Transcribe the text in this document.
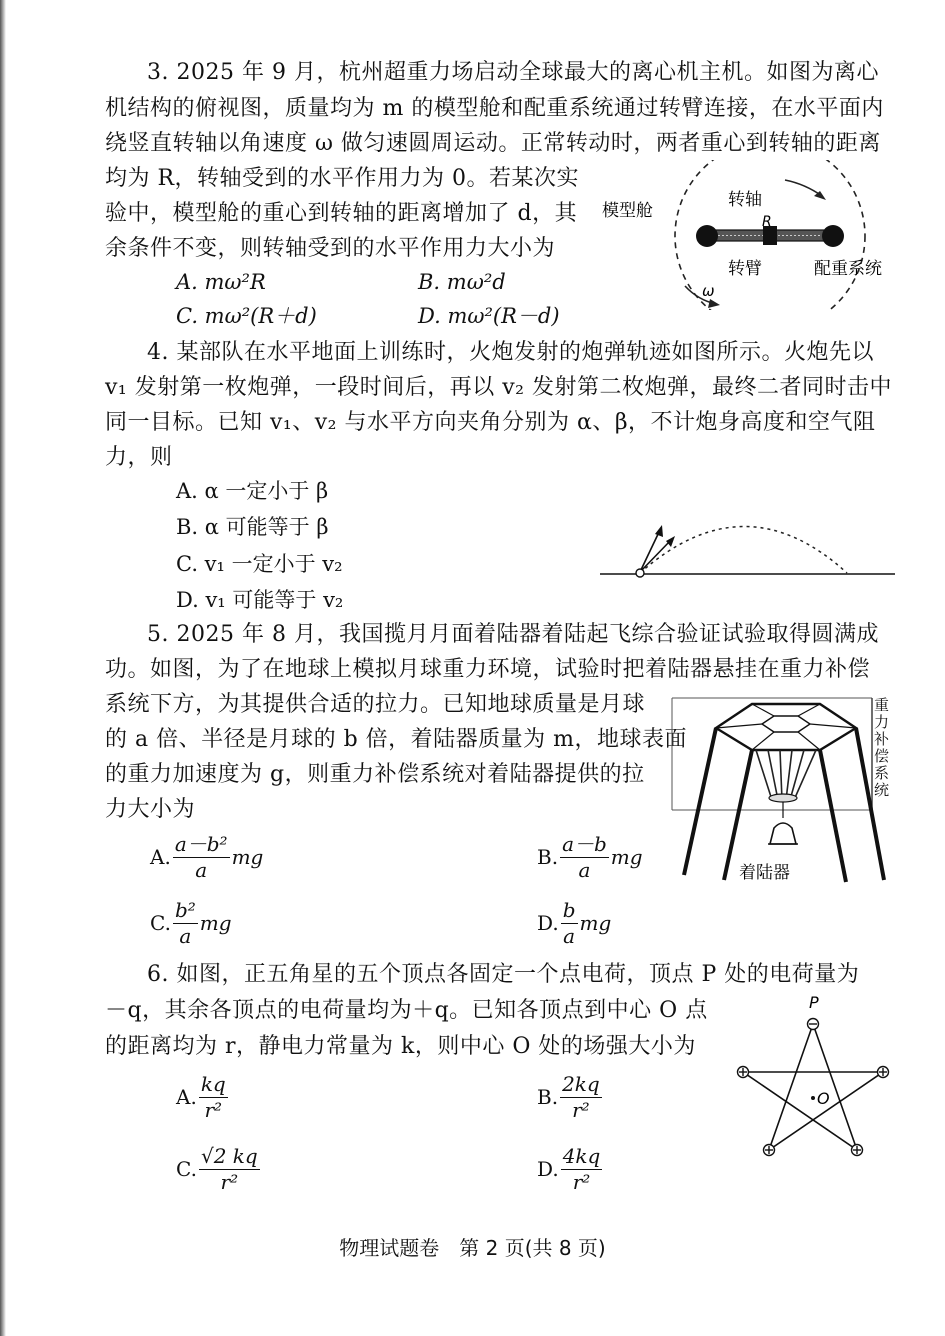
3. 2025 年 9 月，杭州超重力场启动全球最大的离心机主机。如图为离心
机结构的俯视图，质量均为 m 的模型舱和配重系统通过转臂连接，在水平面内
绕竖直转轴以角速度 ω 做匀速圆周运动。正常转动时，两者重心到转轴的距离
均为 R，转轴受到的水平作用力为 0。若某次实
验中，模型舱的重心到转轴的距离增加了 d，其
余条件不变，则转轴受到的水平作用力大小为
A. mω²R	B. mω²d
C. mω²(R＋d)	D. mω²(R－d)
模型舱
转轴
R
转臂	配重系统
ω
4. 某部队在水平地面上训练时，火炮发射的炮弹轨迹如图所示。火炮先以
v₁ 发射第一枚炮弹，一段时间后，再以 v₂ 发射第二枚炮弹，最终二者同时击中
同一目标。已知 v₁、v₂ 与水平方向夹角分别为 α、β，不计炮身高度和空气阻
力，则
A. α 一定小于 β
B. α 可能等于 β
C. v₁ 一定小于 v₂
D. v₁ 可能等于 v₂
5. 2025 年 8 月，我国揽月月面着陆器着陆起飞综合验证试验取得圆满成
功。如图，为了在地球上模拟月球重力环境，试验时把着陆器悬挂在重力补偿
系统下方，为其提供合适的拉力。已知地球质量是月球
的 a 倍、半径是月球的 b 倍，着陆器质量为 m，地球表面
的重力加速度为 g，则重力补偿系统对着陆器提供的拉
力大小为
A. $\frac{\text{a－b²}}{a}$ mg	B. $\frac{a-b}{a}$ mg
C. $\frac{\text{b²}}{a}$ mg	D. $\frac{b}{a}$ mg
着陆器
重力补偿系统
6. 如图，正五角星的五个顶点各固定一个点电荷，顶点 P 处的电荷量为
－q，其余各顶点的电荷量均为＋q。已知各顶点到中心 O 点
的距离均为 r，静电力常量为 k，则中心 O 处的场强大小为
A. $\frac{kq}{\text{r²}}$	B. $\frac{2kq}{\text{r²}}$
C. $\frac{√2 kq}{\text{r²}}$	D. $\frac{4kq}{\text{r²}}$
P
O
物理试题卷　第 2 页(共 8 页)
